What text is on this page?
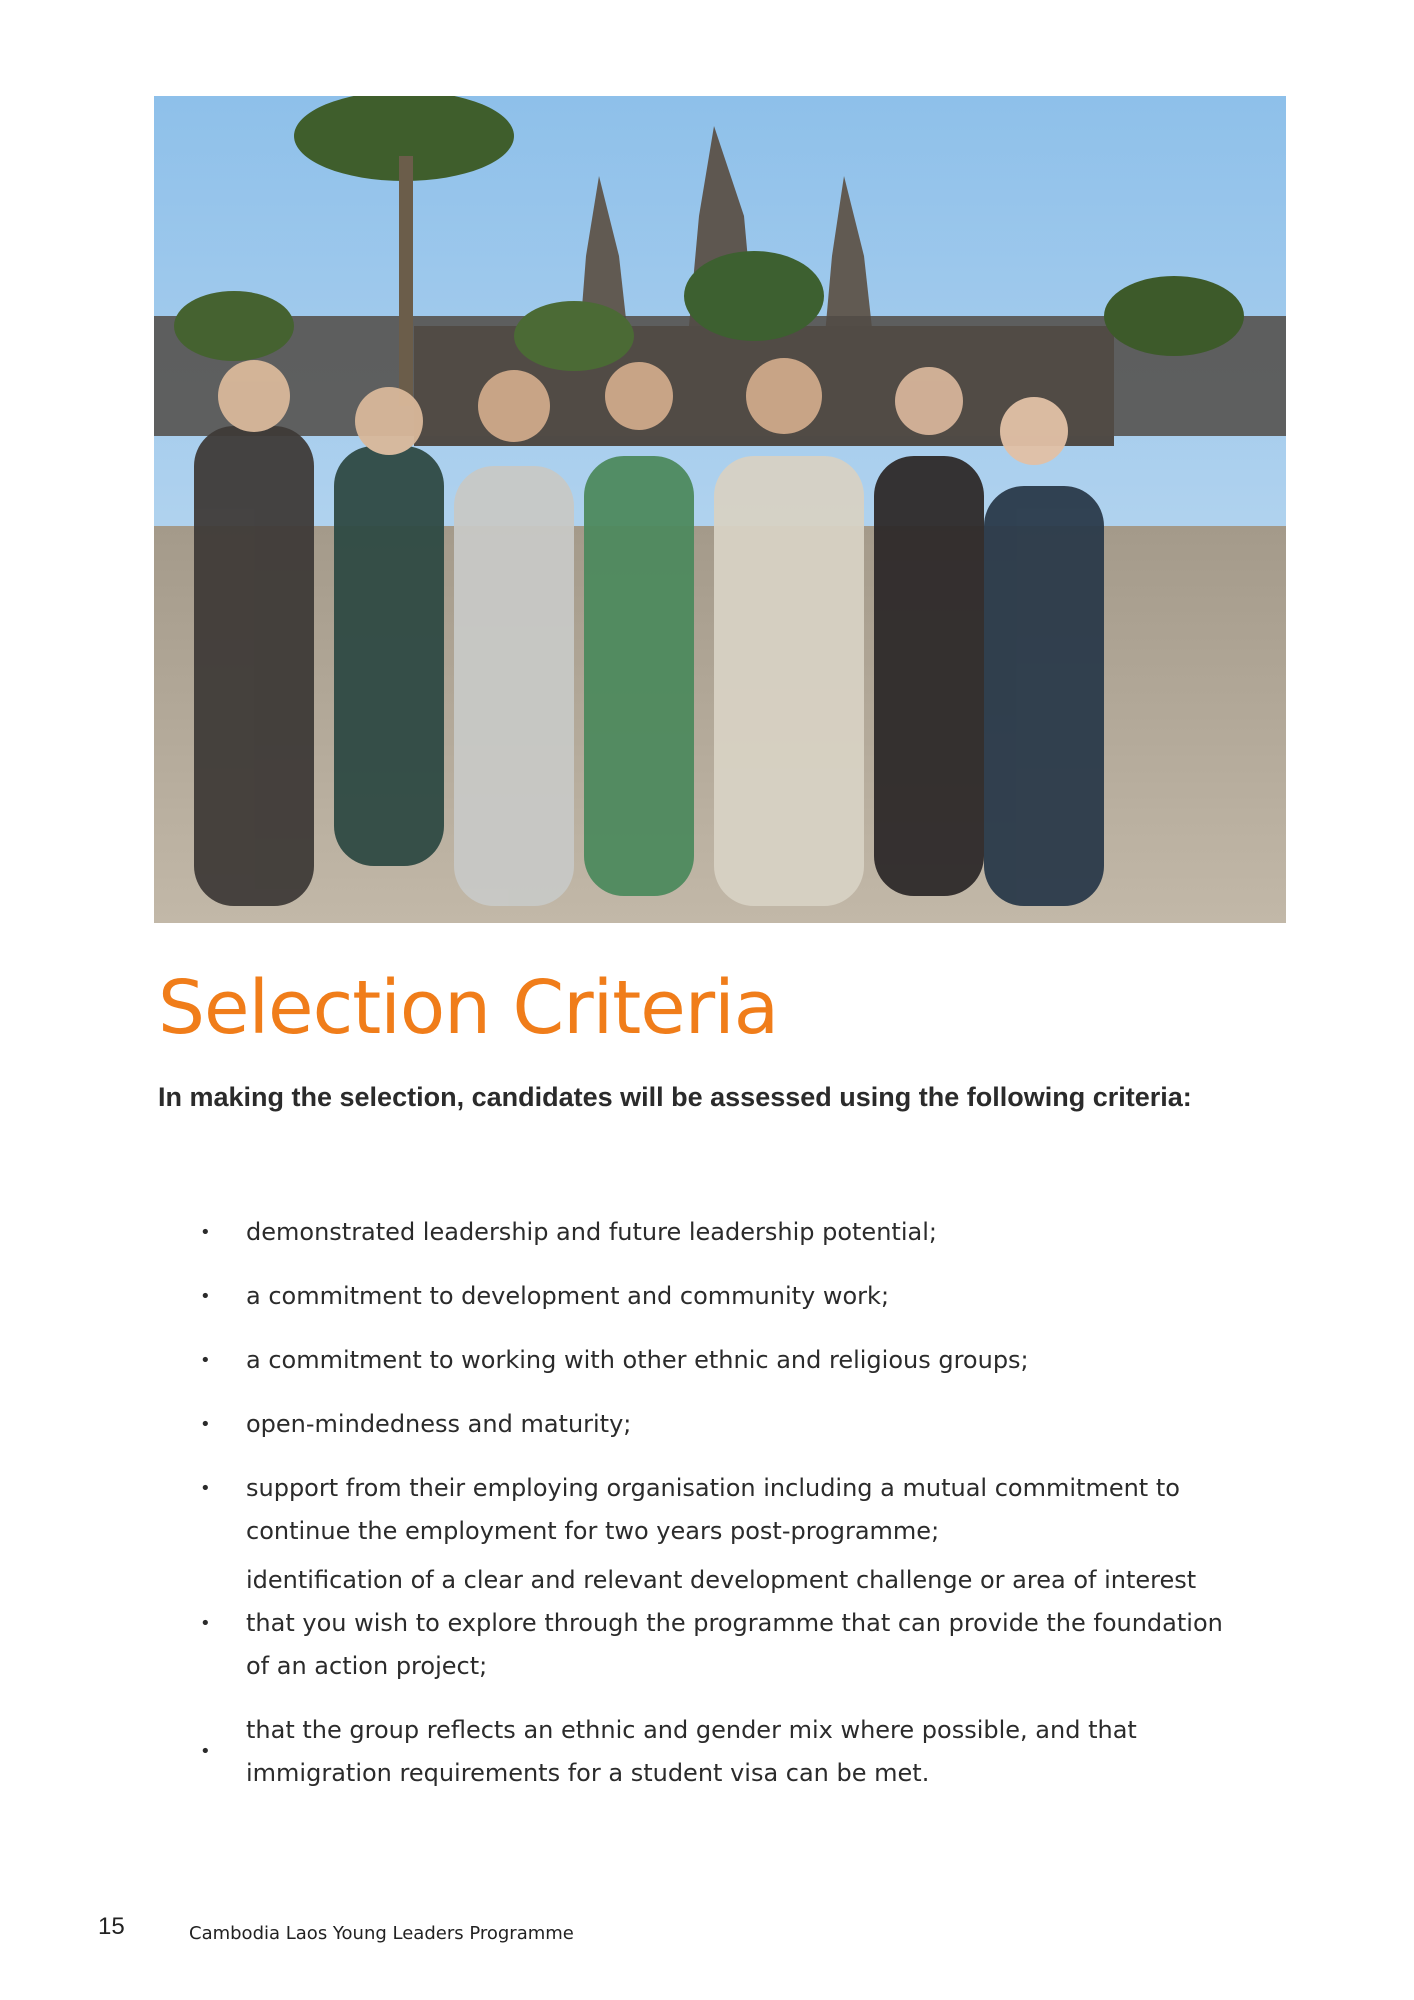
Selection Criteria

In making the selection, candidates will be assessed using the following criteria:

• demonstrated leadership and future leadership potential;
• a commitment to development and community work;
• a commitment to working with other ethnic and religious groups;
• open-mindedness and maturity;
• support from their employing organisation including a mutual commitment to
continue the employment for two years post-programme;
•
identification of a clear and relevant development challenge or area of interest
that you wish to explore through the programme that can provide the foundation
of an action project;
•
that the group reflects an ethnic and gender mix where possible, and that
immigration requirements for a student visa can be met.
15	Cambodia Laos Young Leaders Programme
